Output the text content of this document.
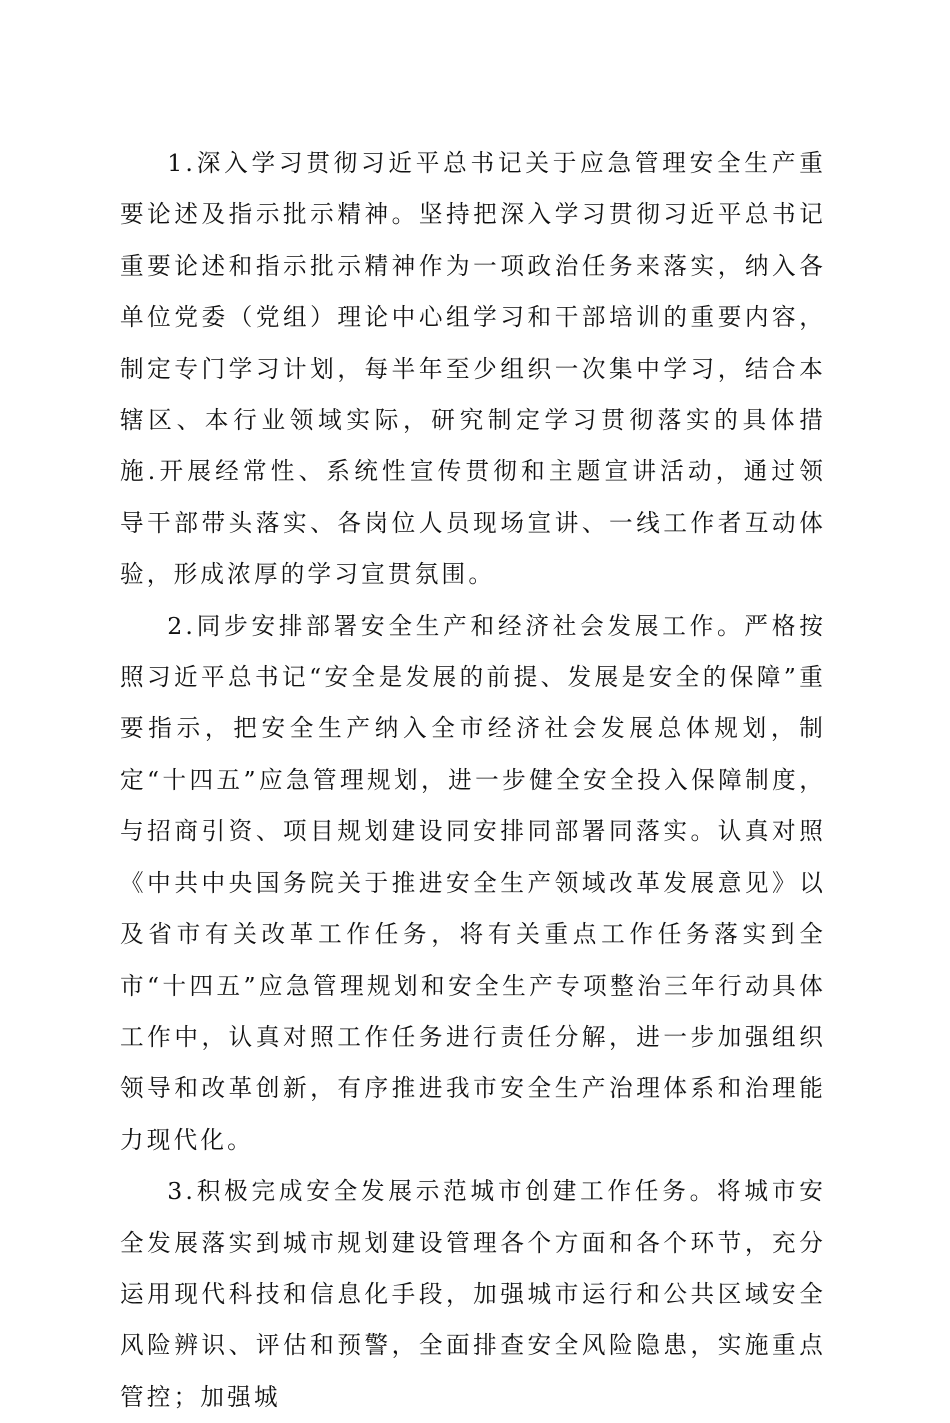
1.深入学习贯彻习近平总书记关于应急管理安全生产重要论述及指示批示精神。坚持把深入学习贯彻习近平总书记重要论述和指示批示精神作为一项政治任务来落实，纳入各单位党委（党组）理论中心组学习和干部培训的重要内容，制定专门学习计划，每半年至少组织一次集中学习，结合本辖区、本行业领域实际，研究制定学习贯彻落实的具体措施.开展经常性、系统性宣传贯彻和主题宣讲活动，通过领导干部带头落实、各岗位人员现场宣讲、一线工作者互动体验，形成浓厚的学习宣贯氛围。

2.同步安排部署安全生产和经济社会发展工作。严格按照习近平总书记“安全是发展的前提、发展是安全的保障”重要指示，把安全生产纳入全市经济社会发展总体规划，制定“十四五”应急管理规划，进一步健全安全投入保障制度，与招商引资、项目规划建设同安排同部署同落实。认真对照《中共中央国务院关于推进安全生产领域改革发展意见》以及省市有关改革工作任务，将有关重点工作任务落实到全市“十四五”应急管理规划和安全生产专项整治三年行动具体工作中，认真对照工作任务进行责任分解，进一步加强组织领导和改革创新，有序推进我市安全生产治理体系和治理能力现代化。

3.积极完成安全发展示范城市创建工作任务。将城市安全发展落实到城市规划建设管理各个方面和各个环节，充分运用现代科技和信息化手段，加强城市运行和公共区域安全风险辨识、评估和预警，全面排查安全风险隐患，实施重点管控；加强城
